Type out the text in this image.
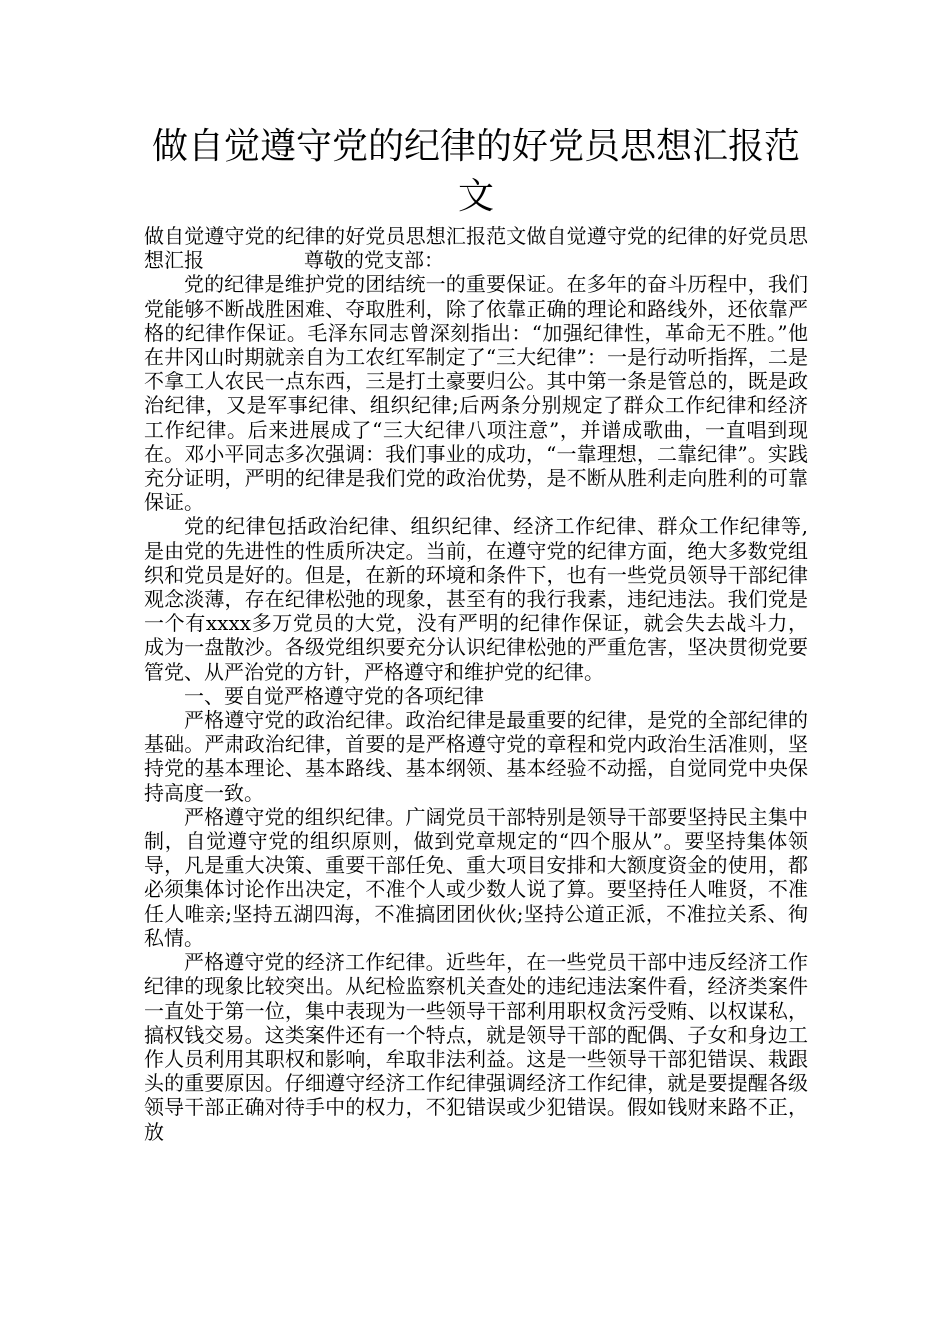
做自觉遵守党的纪律的好党员思想汇报范文

做自觉遵守党的纪律的好党员思想汇报范文做自觉遵守党的纪律的好党员思想汇报　　　　　尊敬的党支部：

党的纪律是维护党的团结统一的重要保证。在多年的奋斗历程中，我们党能够不断战胜困难、夺取胜利，除了依靠正确的理论和路线外，还依靠严格的纪律作保证。毛泽东同志曾深刻指出：“加强纪律性，革命无不胜。”他在井冈山时期就亲自为工农红军制定了“三大纪律”：一是行动听指挥，二是不拿工人农民一点东西，三是打土豪要归公。其中第一条是管总的，既是政治纪律，又是军事纪律、组织纪律;后两条分别规定了群众工作纪律和经济工作纪律。后来进展成了“三大纪律八项注意”，并谱成歌曲，一直唱到现在。邓小平同志多次强调：我们事业的成功，“一靠理想，二靠纪律”。实践充分证明，严明的纪律是我们党的政治优势，是不断从胜利走向胜利的可靠保证。

党的纪律包括政治纪律、组织纪律、经济工作纪律、群众工作纪律等,是由党的先进性的性质所决定。当前，在遵守党的纪律方面，绝大多数党组织和党员是好的。但是，在新的环境和条件下，也有一些党员领导干部纪律观念淡薄，存在纪律松弛的现象，甚至有的我行我素，违纪违法。我们党是一个有xxxx多万党员的大党，没有严明的纪律作保证，就会失去战斗力，成为一盘散沙。各级党组织要充分认识纪律松弛的严重危害，坚决贯彻党要管党、从严治党的方针，严格遵守和维护党的纪律。

一、要自觉严格遵守党的各项纪律

严格遵守党的政治纪律。政治纪律是最重要的纪律，是党的全部纪律的基础。严肃政治纪律，首要的是严格遵守党的章程和党内政治生活准则，坚持党的基本理论、基本路线、基本纲领、基本经验不动摇，自觉同党中央保持高度一致。

严格遵守党的组织纪律。广阔党员干部特别是领导干部要坚持民主集中制，自觉遵守党的组织原则，做到党章规定的“四个服从”。要坚持集体领导，凡是重大决策、重要干部任免、重大项目安排和大额度资金的使用，都必须集体讨论作出决定，不准个人或少数人说了算。要坚持任人唯贤，不准任人唯亲;坚持五湖四海，不准搞团团伙伙;坚持公道正派，不准拉关系、徇私情。

严格遵守党的经济工作纪律。近些年，在一些党员干部中违反经济工作纪律的现象比较突出。从纪检监察机关查处的违纪违法案件看，经济类案件一直处于第一位，集中表现为一些领导干部利用职权贪污受贿、以权谋私，搞权钱交易。这类案件还有一个特点，就是领导干部的配偶、子女和身边工作人员利用其职权和影响，牟取非法利益。这是一些领导干部犯错误、栽跟头的重要原因。仔细遵守经济工作纪律强调经济工作纪律，就是要提醒各级领导干部正确对待手中的权力，不犯错误或少犯错误。假如钱财来路不正，放
